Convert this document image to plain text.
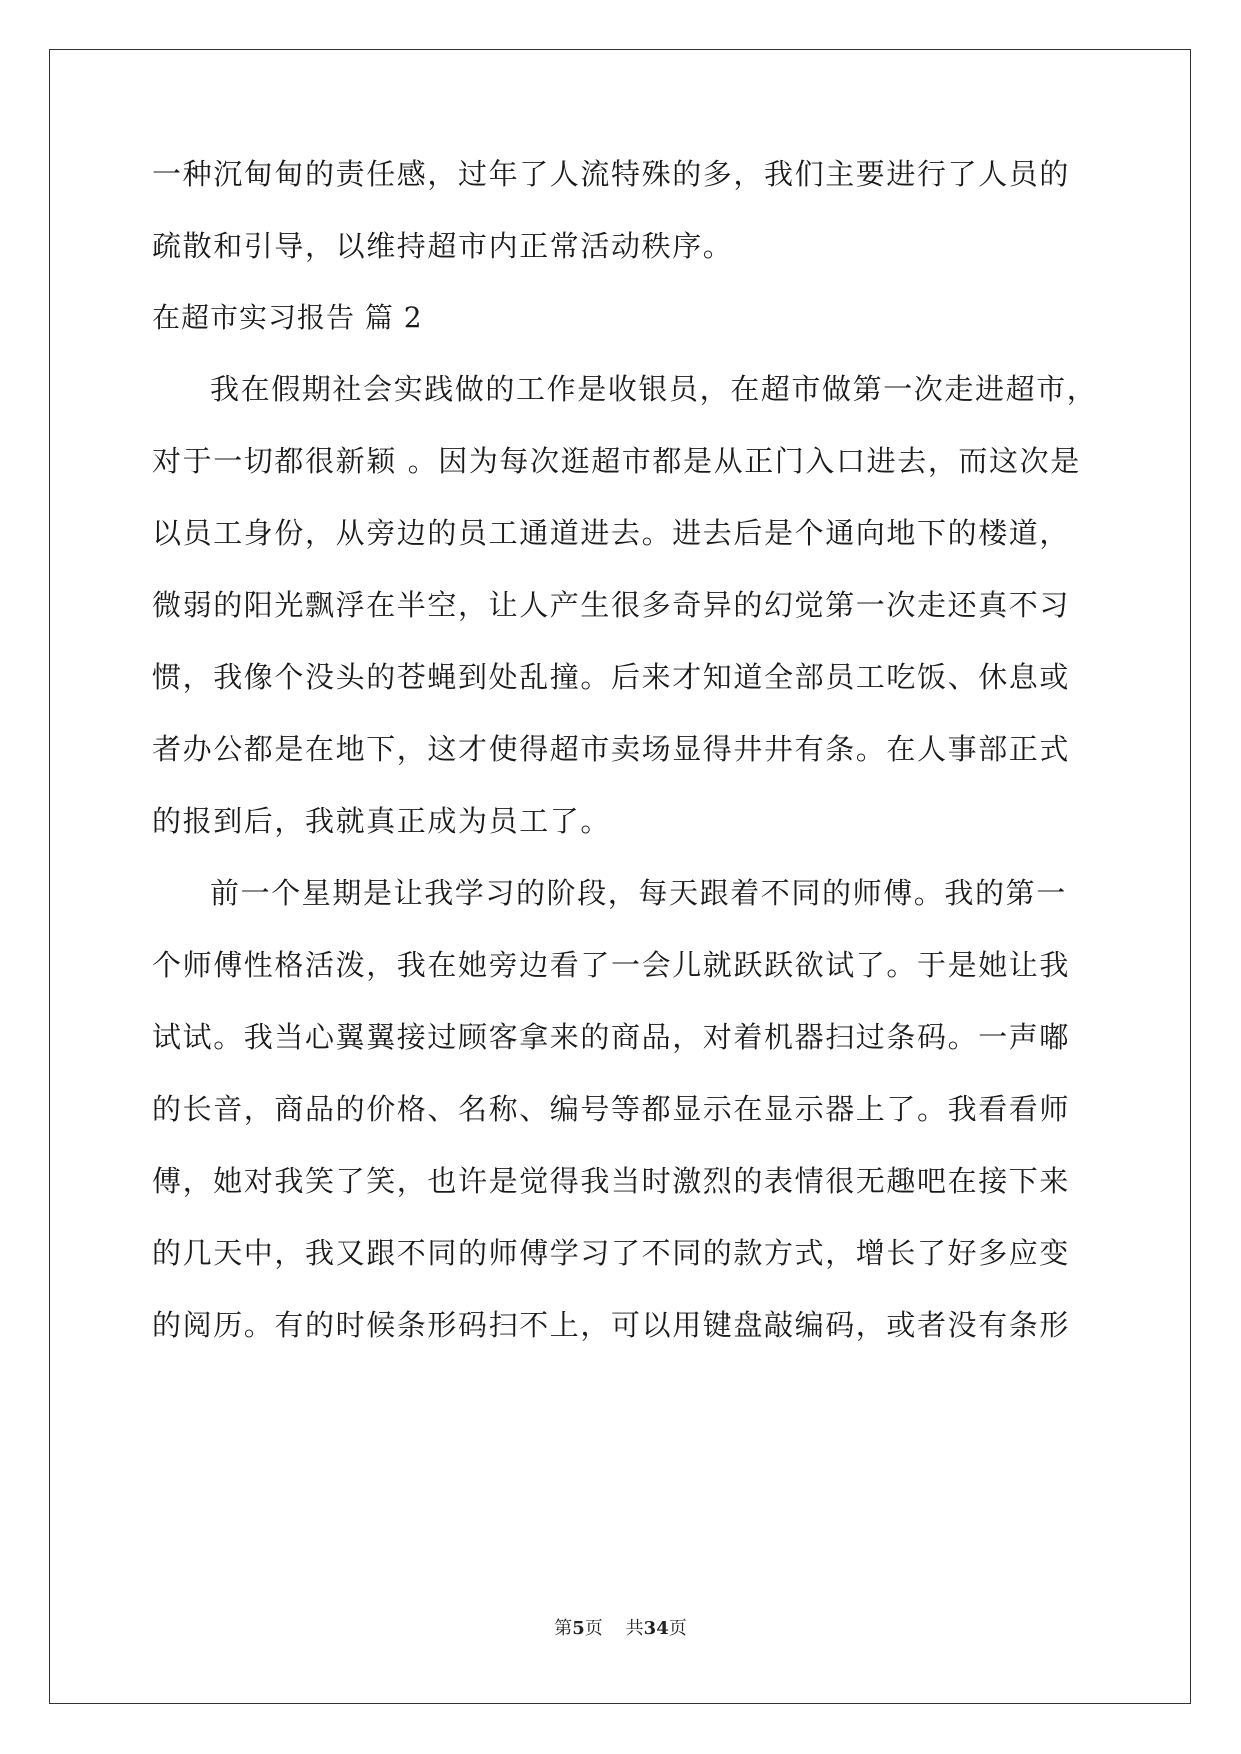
一种沉甸甸的责任感，过年了人流特殊的多，我们主要进行了人员的
疏散和引导，以维持超市内正常活动秩序。
在超市实习报告 篇 2
我在假期社会实践做的工作是收银员，在超市做第一次走进超市，
对于一切都很新颖 。因为每次逛超市都是从正门入口进去，而这次是
以员工身份，从旁边的员工通道进去。进去后是个通向地下的楼道，
微弱的阳光飘浮在半空，让人产生很多奇异的幻觉第一次走还真不习
惯，我像个没头的苍蝇到处乱撞。后来才知道全部员工吃饭、休息或
者办公都是在地下，这才使得超市卖场显得井井有条。在人事部正式
的报到后，我就真正成为员工了。
前一个星期是让我学习的阶段，每天跟着不同的师傅。我的第一
个师傅性格活泼，我在她旁边看了一会儿就跃跃欲试了。于是她让我
试试。我当心翼翼接过顾客拿来的商品，对着机器扫过条码。一声嘟
的长音，商品的价格、名称、编号等都显示在显示器上了。我看看师
傅，她对我笑了笑，也许是觉得我当时激烈的表情很无趣吧在接下来
的几天中，我又跟不同的师傅学习了不同的款方式，增长了好多应变
的阅历。有的时候条形码扫不上，可以用键盘敲编码，或者没有条形
第5页 共34页
